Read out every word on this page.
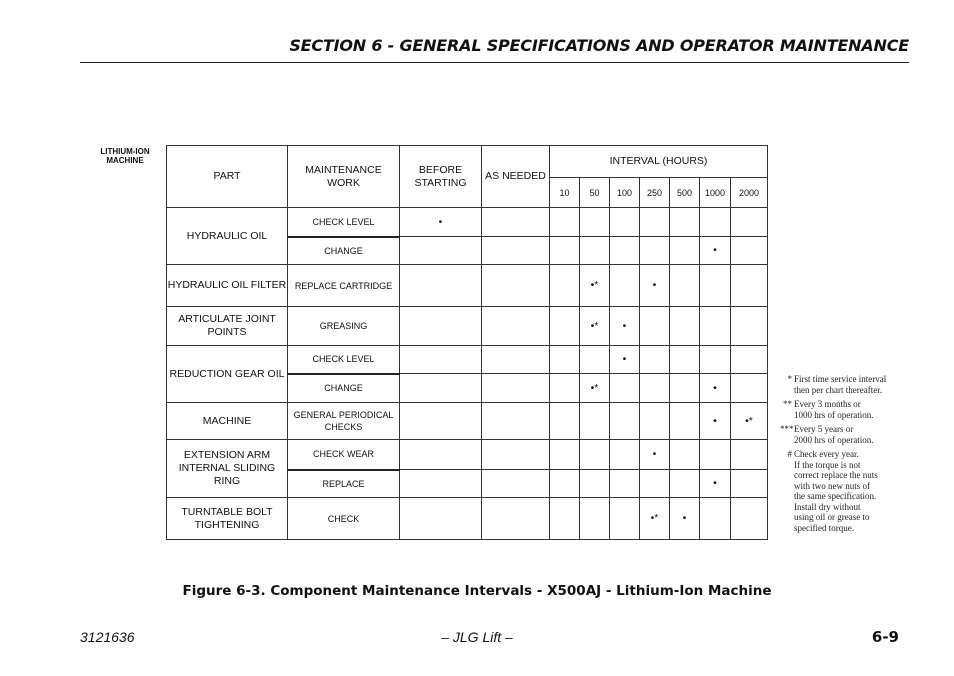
SECTION 6 - GENERAL SPECIFICATIONS AND OPERATOR MAINTENANCE
LITHIUM-ION MACHINE
PART	MAINTENANCE WORK	BEFORE STARTING	AS NEEDED	INTERVAL (HOURS)						
				10	50	100	250	500	1000	2000
HYDRAULIC OIL	CHECK LEVEL	•								
	CHANGE								•	
HYDRAULIC OIL FILTER	REPLACE CARTRIDGE				•*		•			
ARTICULATE JOINT POINTS	GREASING				•*	•				
REDUCTION GEAR OIL	CHECK LEVEL					•				
	CHANGE				•*				•	
MACHINE	GENERAL PERIODICAL CHECKS								•	•*
EXTENSION ARM INTERNAL SLIDING RING	CHECK WEAR						•			
	REPLACE								•	
TURNTABLE BOLT TIGHTENING	CHECK						•*	•		
* First time service interval
then per chart thereafter.
** Every 3 months or
1000 hrs of operation.
*** Every 5 years or
2000 hrs of operation.
# Check every year.
If the torque is not
correct replace the nuts
with two new nuts of
the same specification.
Install dry without
using oil or grease to
specified torque.
Figure 6-3. Component Maintenance Intervals - X500AJ - Lithium-Ion Machine
3121636	– JLG Lift –	6-9
